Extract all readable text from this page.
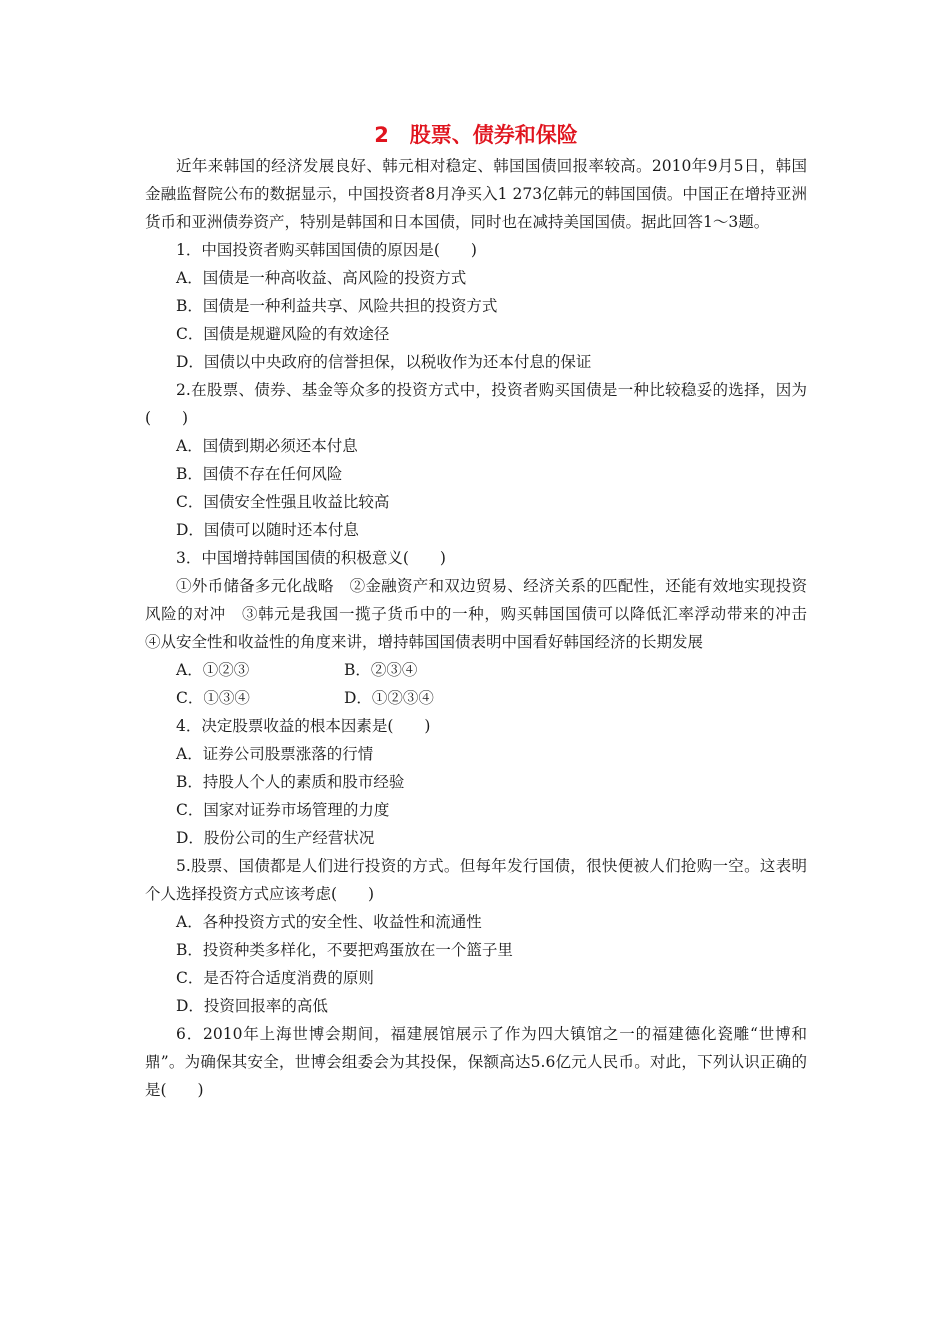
2　股票、债券和保险

近年来韩国的经济发展良好、韩元相对稳定、韩国国债回报率较高。2010年9月5日，韩国金融监督院公布的数据显示，中国投资者8月净买入1 273亿韩元的韩国国债。中国正在增持亚洲货币和亚洲债券资产，特别是韩国和日本国债，同时也在减持美国国债。据此回答1～3题。

1．中国投资者购买韩国国债的原因是(　　)

A．国债是一种高收益、高风险的投资方式
B．国债是一种利益共享、风险共担的投资方式
C．国债是规避风险的有效途径
D．国债以中央政府的信誉担保，以税收作为还本付息的保证

2.在股票、债券、基金等众多的投资方式中，投资者购买国债是一种比较稳妥的选择，因为(　　)

A．国债到期必须还本付息
B．国债不存在任何风险
C．国债安全性强且收益比较高
D．国债可以随时还本付息

3．中国增持韩国国债的积极意义(　　)

①外币储备多元化战略　②金融资产和双边贸易、经济关系的匹配性，还能有效地实现投资风险的对冲　③韩元是我国一揽子货币中的一种，购买韩国国债可以降低汇率浮动带来的冲击　④从安全性和收益性的角度来讲，增持韩国国债表明中国看好韩国经济的长期发展

A．①②③	B．②③④
C．①③④	D．①②③④

4．决定股票收益的根本因素是(　　)

A．证券公司股票涨落的行情
B．持股人个人的素质和股市经验
C．国家对证券市场管理的力度
D．股份公司的生产经营状况

5.股票、国债都是人们进行投资的方式。但每年发行国债，很快便被人们抢购一空。这表明个人选择投资方式应该考虑(　　)

A．各种投资方式的安全性、收益性和流通性
B．投资种类多样化，不要把鸡蛋放在一个篮子里
C．是否符合适度消费的原则
D．投资回报率的高低

6．2010年上海世博会期间，福建展馆展示了作为四大镇馆之一的福建德化瓷雕“世博和鼎”。为确保其安全，世博会组委会为其投保，保额高达5.6亿元人民币。对此，下列认识正确的是(　　)
